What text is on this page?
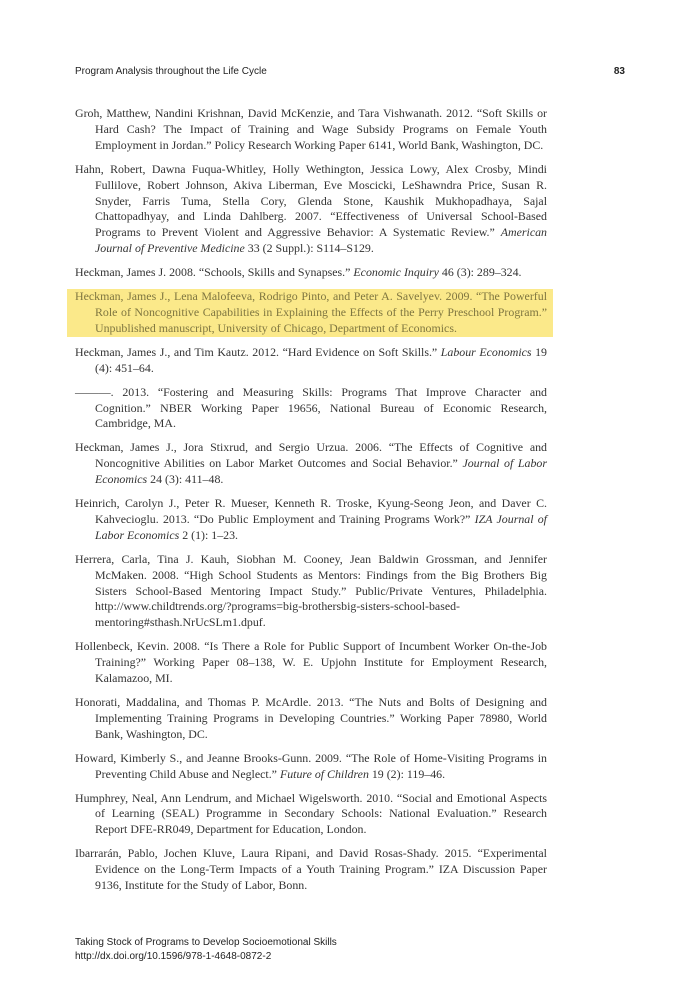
Program Analysis throughout the Life Cycle	83

Groh, Matthew, Nandini Krishnan, David McKenzie, and Tara Vishwanath. 2012. “Soft Skills or Hard Cash? The Impact of Training and Wage Subsidy Programs on Female Youth Employment in Jordan.” Policy Research Working Paper 6141, World Bank, Washington, DC.

Hahn, Robert, Dawna Fuqua-Whitley, Holly Wethington, Jessica Lowy, Alex Crosby, Mindi Fullilove, Robert Johnson, Akiva Liberman, Eve Moscicki, LeShawndra Price, Susan R. Snyder, Farris Tuma, Stella Cory, Glenda Stone, Kaushik Mukhopadhaya, Sajal Chattopadhyay, and Linda Dahlberg. 2007. “Effectiveness of Universal School-Based Programs to Prevent Violent and Aggressive Behavior: A Systematic Review.” American Journal of Preventive Medicine 33 (2 Suppl.): S114–S129.

Heckman, James J. 2008. “Schools, Skills and Synapses.” Economic Inquiry 46 (3): 289–324.

Heckman, James J., Lena Malofeeva, Rodrigo Pinto, and Peter A. Savelyev. 2009. “The Powerful Role of Noncognitive Capabilities in Explaining the Effects of the Perry Preschool Program.” Unpublished manuscript, University of Chicago, Department of Economics.

Heckman, James J., and Tim Kautz. 2012. “Hard Evidence on Soft Skills.” Labour Economics 19 (4): 451–64.

———. 2013. “Fostering and Measuring Skills: Programs That Improve Character and Cognition.” NBER Working Paper 19656, National Bureau of Economic Research, Cambridge, MA.

Heckman, James J., Jora Stixrud, and Sergio Urzua. 2006. “The Effects of Cognitive and Noncognitive Abilities on Labor Market Outcomes and Social Behavior.” Journal of Labor Economics 24 (3): 411–48.

Heinrich, Carolyn J., Peter R. Mueser, Kenneth R. Troske, Kyung-Seong Jeon, and Daver C. Kahvecioglu. 2013. “Do Public Employment and Training Programs Work?” IZA Journal of Labor Economics 2 (1): 1–23.

Herrera, Carla, Tina J. Kauh, Siobhan M. Cooney, Jean Baldwin Grossman, and Jennifer McMaken. 2008. “High School Students as Mentors: Findings from the Big Brothers Big Sisters School-Based Mentoring Impact Study.” Public/Private Ventures, Philadelphia. http://www.childtrends.org/?programs=big-brothersbig-sisters-school-based-mentoring#sthash.NrUcSLm1.dpuf.

Hollenbeck, Kevin. 2008. “Is There a Role for Public Support of Incumbent Worker On-the-Job Training?” Working Paper 08–138, W. E. Upjohn Institute for Employment Research, Kalamazoo, MI.

Honorati, Maddalina, and Thomas P. McArdle. 2013. “The Nuts and Bolts of Designing and Implementing Training Programs in Developing Countries.” Working Paper 78980, World Bank, Washington, DC.

Howard, Kimberly S., and Jeanne Brooks-Gunn. 2009. “The Role of Home-Visiting Programs in Preventing Child Abuse and Neglect.” Future of Children 19 (2): 119–46.

Humphrey, Neal, Ann Lendrum, and Michael Wigelsworth. 2010. “Social and Emotional Aspects of Learning (SEAL) Programme in Secondary Schools: National Evaluation.” Research Report DFE-RR049, Department for Education, London.

Ibarrarán, Pablo, Jochen Kluve, Laura Ripani, and David Rosas-Shady. 2015. “Experimental Evidence on the Long-Term Impacts of a Youth Training Program.” IZA Discussion Paper 9136, Institute for the Study of Labor, Bonn.

Taking Stock of Programs to Develop Socioemotional Skills
http://dx.doi.org/10.1596/978-1-4648-0872-2
